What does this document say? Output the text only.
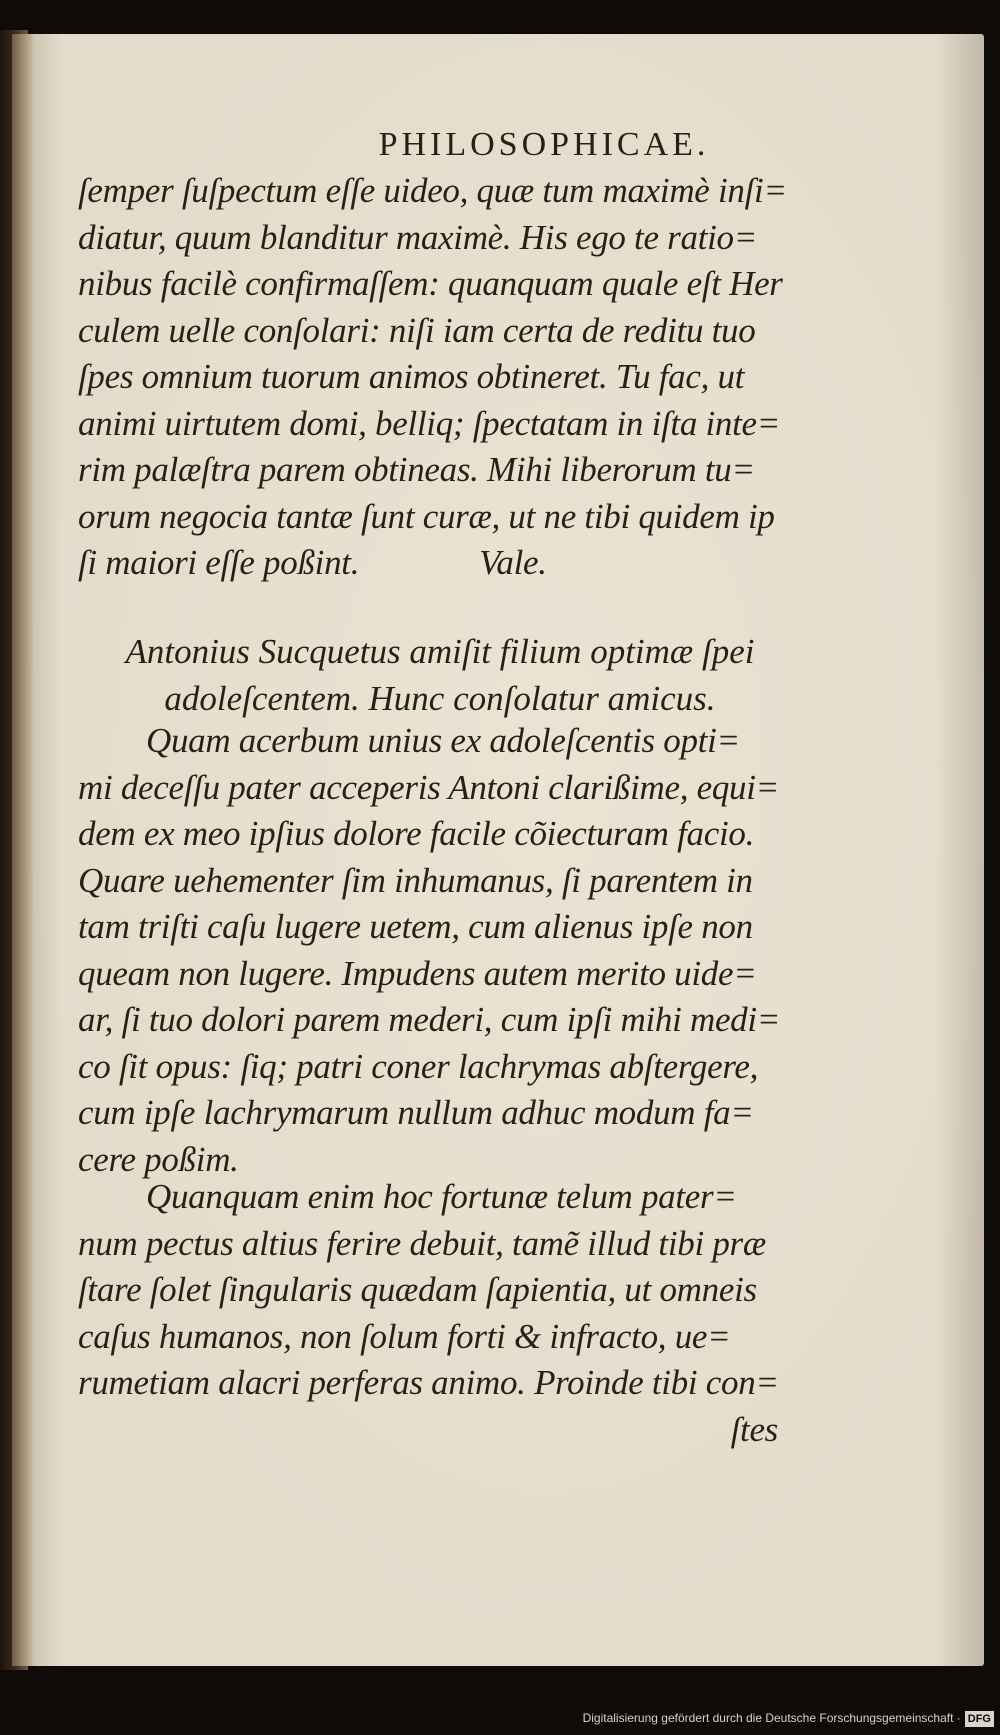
PHILOSOPHICAE.
ſemper ſuſpectum eſſe uideo, quæ tum maximè inſi=
diatur, quum blanditur maximè. His ego te ratio=
nibus facilè confirmaſſem: quanquam quale eſt Her
culem uelle conſolari: niſi iam certa de reditu tuo
ſpes omnium tuorum animos obtineret. Tu fac, ut
animi uirtutem domi, belliq; ſpectatam in iſta inte=
rim palæſtra parem obtineas. Mihi liberorum tu=
orum negocia tantæ ſunt curæ, ut ne tibi quidem ip
ſi maiori eſſe poßint.	Vale.
Antonius Sucquetus amiſit filium optimæ ſpei
adoleſcentem. Hunc conſolatur amicus.
Quam acerbum unius ex adoleſcentis opti=
mi deceſſu pater acceperis Antoni clarißime, equi=
dem ex meo ipſius dolore facile cõiecturam facio.
Quare uehementer ſim inhumanus, ſi parentem in
tam triſti caſu lugere uetem, cum alienus ipſe non
queam non lugere. Impudens autem merito uide=
ar, ſi tuo dolori parem mederi, cum ipſi mihi medi=
co ſit opus: ſiq; patri coner lachrymas abſtergere,
cum ipſe lachrymarum nullum adhuc modum fa=
cere poßim.
Quanquam enim hoc fortunæ telum pater=
num pectus altius ferire debuit, tamẽ illud tibi præ
ſtare ſolet ſingularis quædam ſapientia, ut omneis
caſus humanos, non ſolum forti & infracto, ue=
rumetiam alacri perferas animo. Proinde tibi con=
ſtes
Digitalisierung gefördert durch die Deutsche Forschungsgemeinschaft · DFG
